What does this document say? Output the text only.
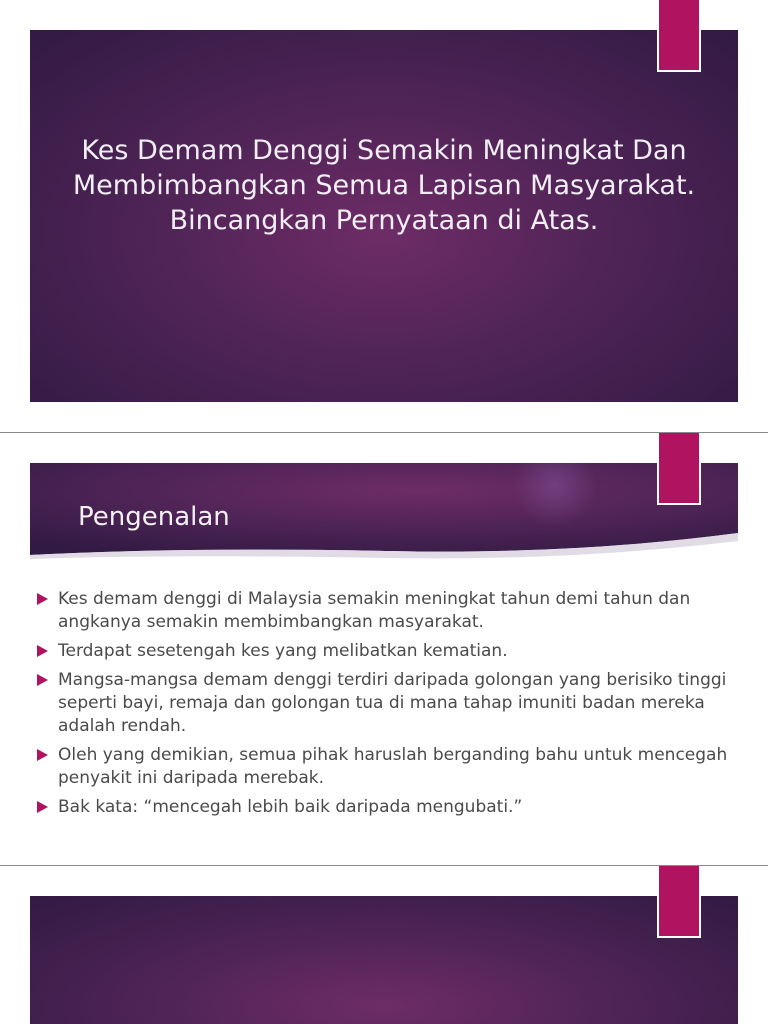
Kes Demam Denggi Semakin Meningkat Dan Membimbangkan Semua Lapisan Masyarakat. Bincangkan Pernyataan di Atas.
Pengenalan
Kes demam denggi di Malaysia semakin meningkat tahun demi tahun dan angkanya semakin membimbangkan masyarakat.
Terdapat sesetengah kes yang melibatkan kematian.
Mangsa-mangsa demam denggi terdiri daripada golongan yang berisiko tinggi seperti bayi, remaja dan golongan tua di mana tahap imuniti badan mereka adalah rendah.
Oleh yang demikian, semua pihak haruslah berganding bahu untuk mencegah penyakit ini daripada merebak.
Bak kata: “mencegah lebih baik daripada mengubati.”
